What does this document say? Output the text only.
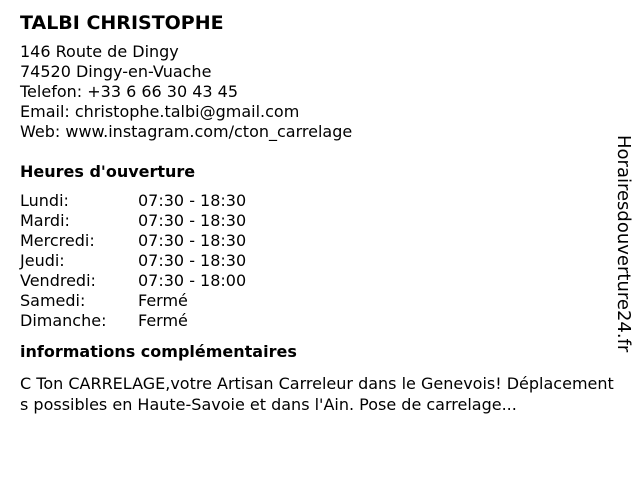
TALBI CHRISTOPHE
146 Route de Dingy
74520 Dingy-en-Vuache
Telefon: +33 6 66 30 43 45
Email: christophe.talbi@gmail.com
Web: www.instagram.com/cton_carrelage
Heures d'ouverture
Lundi:	07:30 - 18:30
Mardi:	07:30 - 18:30
Mercredi:	07:30 - 18:30
Jeudi:	07:30 - 18:30
Vendredi:	07:30 - 18:00
Samedi:	Fermé
Dimanche: Fermé
informations complémentaires
C Ton CARRELAGE,votre Artisan Carreleur dans le Genevois! Déplacements possibles en Haute-Savoie et dans l'Ain. Pose de carrelage...
Horairesdouverture24.fr
